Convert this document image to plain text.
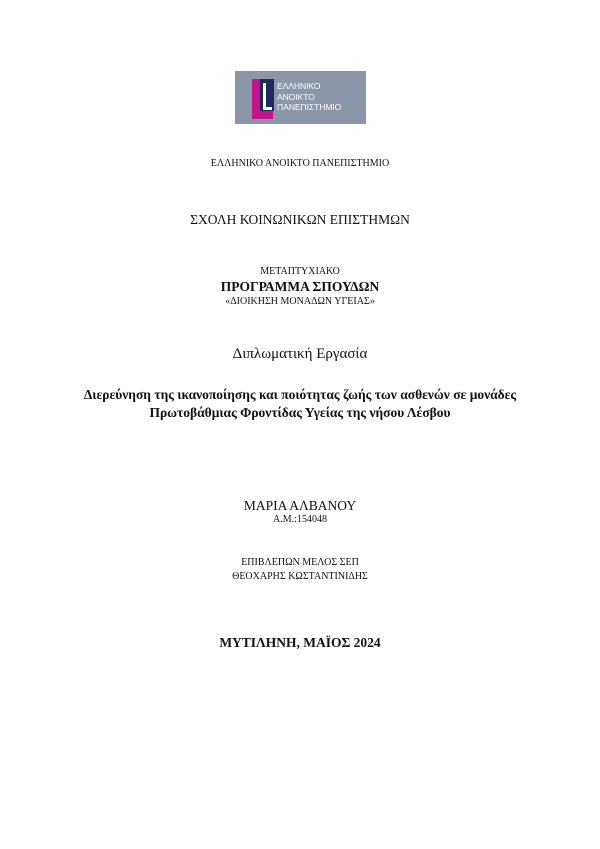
ΕΛΛΗΝΙΚΟ
ΑΝΟΙΚΤΟ
ΠΑΝΕΠΙΣΤΗΜΙΟ
ΕΛΛΗΝΙΚΟ ΑΝΟΙΚΤΟ ΠΑΝΕΠΙΣΤΗΜΙΟ
ΣΧΟΛΗ ΚΟΙΝΩΝΙΚΩΝ ΕΠΙΣΤΗΜΩΝ
ΜΕΤΑΠΤΥΧΙΑΚΟ
ΠΡΟΓΡΑΜΜΑ ΣΠΟΥΔΩΝ
«ΔΙΟΙΚΗΣΗ ΜΟΝΑΔΩΝ ΥΓΕΙΑΣ»
Διπλωματική Εργασία
Διερεύνηση της ικανοποίησης και ποιότητας ζωής των ασθενών σε μονάδες
Πρωτοβάθμιας Φροντίδας Υγείας της νήσου Λέσβου
ΜΑΡΙΑ ΑΛΒΑΝΟΥ
Α.Μ.:154048
ΕΠΙΒΛΕΠΩΝ ΜΕΛΟΣ ΣΕΠ
ΘΕΟΧΑΡΗΣ ΚΩΣΤΑΝΤΙΝΙΔΗΣ
ΜΥΤΙΛΗΝΗ, ΜΑΪΟΣ 2024
